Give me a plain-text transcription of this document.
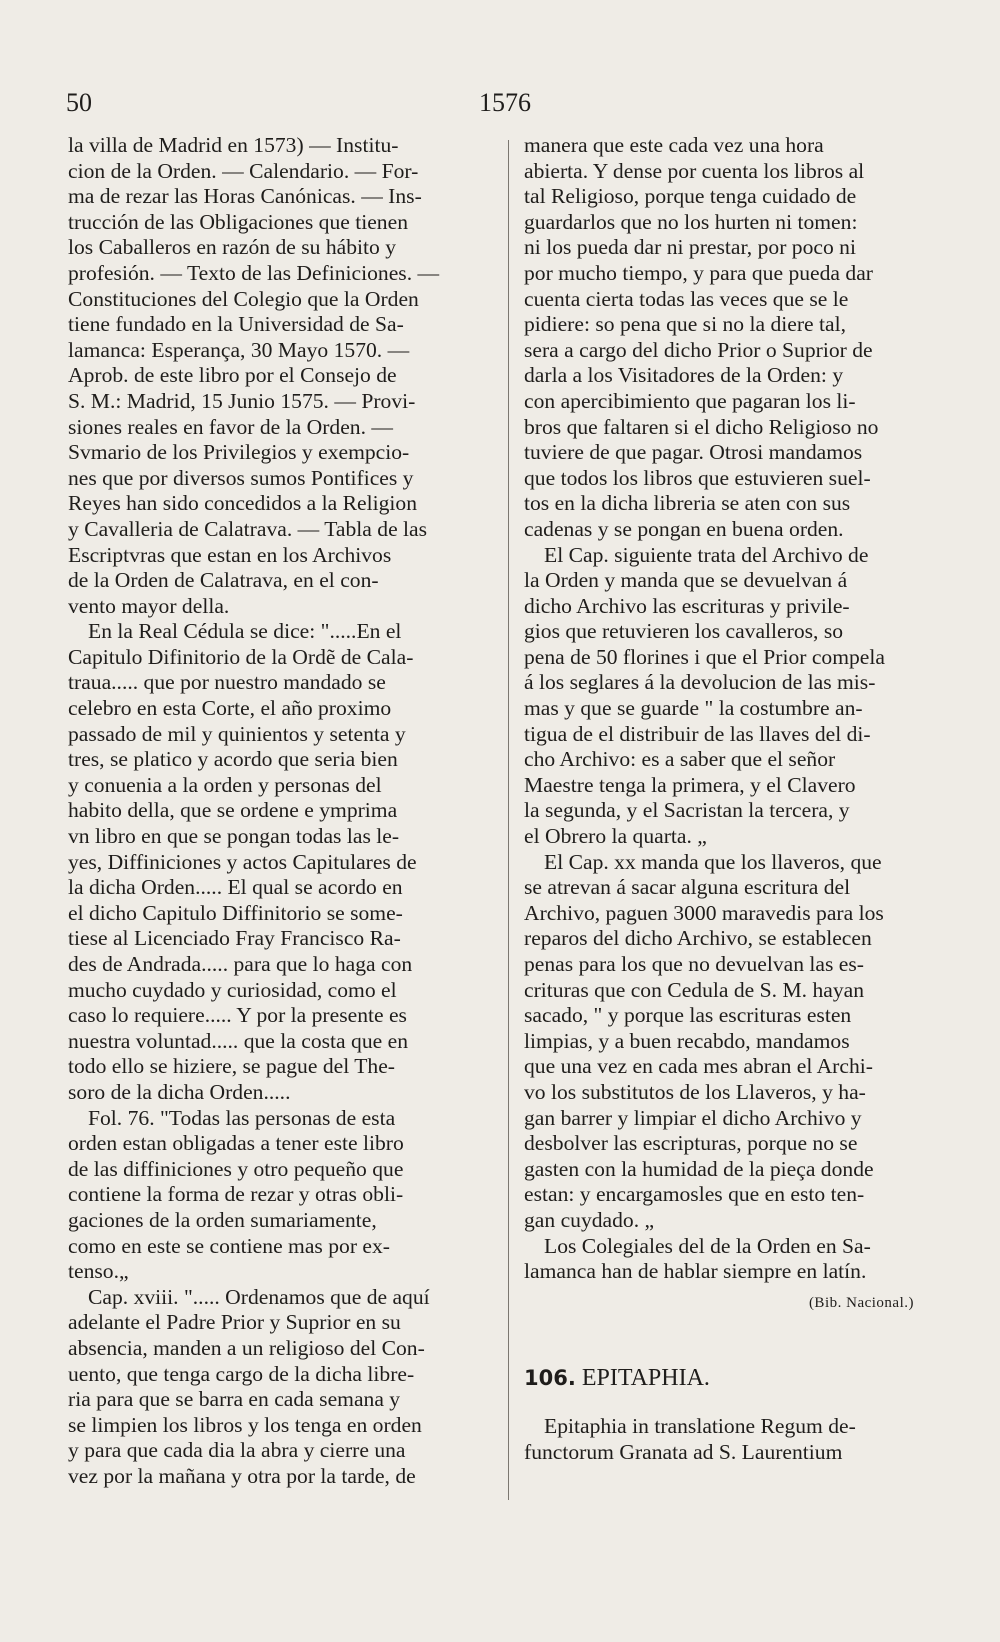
50	1576
la villa de Madrid en 1573) — Institu-
cion de la Orden. — Calendario. — For-
ma de rezar las Horas Canónicas. — Ins-
trucción de las Obligaciones que tienen
los Caballeros en razón de su hábito y
profesión. — Texto de las Definiciones. —
Constituciones del Colegio que la Orden
tiene fundado en la Universidad de Sa-
lamanca: Esperança, 30 Mayo 1570. —
Aprob. de este libro por el Consejo de
S. M.: Madrid, 15 Junio 1575. — Provi-
siones reales en favor de la Orden. —
Svmario de los Privilegios y exempcio-
nes que por diversos sumos Pontifices y
Reyes han sido concedidos a la Religion
y Cavalleria de Calatrava. — Tabla de las
Escriptvras que estan en los Archivos
de la Orden de Calatrava, en el con-
vento mayor della.
En la Real Cédula se dice: ".....En el
Capitulo Difinitorio de la Ordẽ de Cala-
traua..... que por nuestro mandado se
celebro en esta Corte, el año proximo
passado de mil y quinientos y setenta y
tres, se platico y acordo que seria bien
y conuenia a la orden y personas del
habito della, que se ordene e ymprima
vn libro en que se pongan todas las le-
yes, Diffiniciones y actos Capitulares de
la dicha Orden..... El qual se acordo en
el dicho Capitulo Diffinitorio se some-
tiese al Licenciado Fray Francisco Ra-
des de Andrada..... para que lo haga con
mucho cuydado y curiosidad, como el
caso lo requiere..... Y por la presente es
nuestra voluntad..... que la costa que en
todo ello se hiziere, se pague del The-
soro de la dicha Orden.....
Fol. 76. "Todas las personas de esta
orden estan obligadas a tener este libro
de las diffiniciones y otro pequeño que
contiene la forma de rezar y otras obli-
gaciones de la orden sumariamente,
como en este se contiene mas por ex-
tenso.„
Cap. xviii. "..... Ordenamos que de aquí
adelante el Padre Prior y Suprior en su
absencia, manden a un religioso del Con-
uento, que tenga cargo de la dicha libre-
ria para que se barra en cada semana y
se limpien los libros y los tenga en orden
y para que cada dia la abra y cierre una
vez por la mañana y otra por la tarde, de
manera que este cada vez una hora
abierta. Y dense por cuenta los libros al
tal Religioso, porque tenga cuidado de
guardarlos que no los hurten ni tomen:
ni los pueda dar ni prestar, por poco ni
por mucho tiempo, y para que pueda dar
cuenta cierta todas las veces que se le
pidiere: so pena que si no la diere tal,
sera a cargo del dicho Prior o Suprior de
darla a los Visitadores de la Orden: y
con apercibimiento que pagaran los li-
bros que faltaren si el dicho Religioso no
tuviere de que pagar. Otrosi mandamos
que todos los libros que estuvieren suel-
tos en la dicha libreria se aten con sus
cadenas y se pongan en buena orden.
El Cap. siguiente trata del Archivo de
la Orden y manda que se devuelvan á
dicho Archivo las escrituras y privile-
gios que retuvieren los cavalleros, so
pena de 50 florines i que el Prior compela
á los seglares á la devolucion de las mis-
mas y que se guarde " la costumbre an-
tigua de el distribuir de las llaves del di-
cho Archivo: es a saber que el señor
Maestre tenga la primera, y el Clavero
la segunda, y el Sacristan la tercera, y
el Obrero la quarta. „
El Cap. xx manda que los llaveros, que
se atrevan á sacar alguna escritura del
Archivo, paguen 3000 maravedis para los
reparos del dicho Archivo, se establecen
penas para los que no devuelvan las es-
crituras que con Cedula de S. M. hayan
sacado, " y porque las escrituras esten
limpias, y a buen recabdo, mandamos
que una vez en cada mes abran el Archi-
vo los substitutos de los Llaveros, y ha-
gan barrer y limpiar el dicho Archivo y
desbolver las escripturas, porque no se
gasten con la humidad de la pieça donde
estan: y encargamosles que en esto ten-
gan cuydado. „
Los Colegiales del de la Orden en Sa-
lamanca han de hablar siempre en latín.
(Bib. Nacional.)
106. EPITAPHIA.
Epitaphia in translatione Regum de-
functorum Granata ad S. Laurentium
